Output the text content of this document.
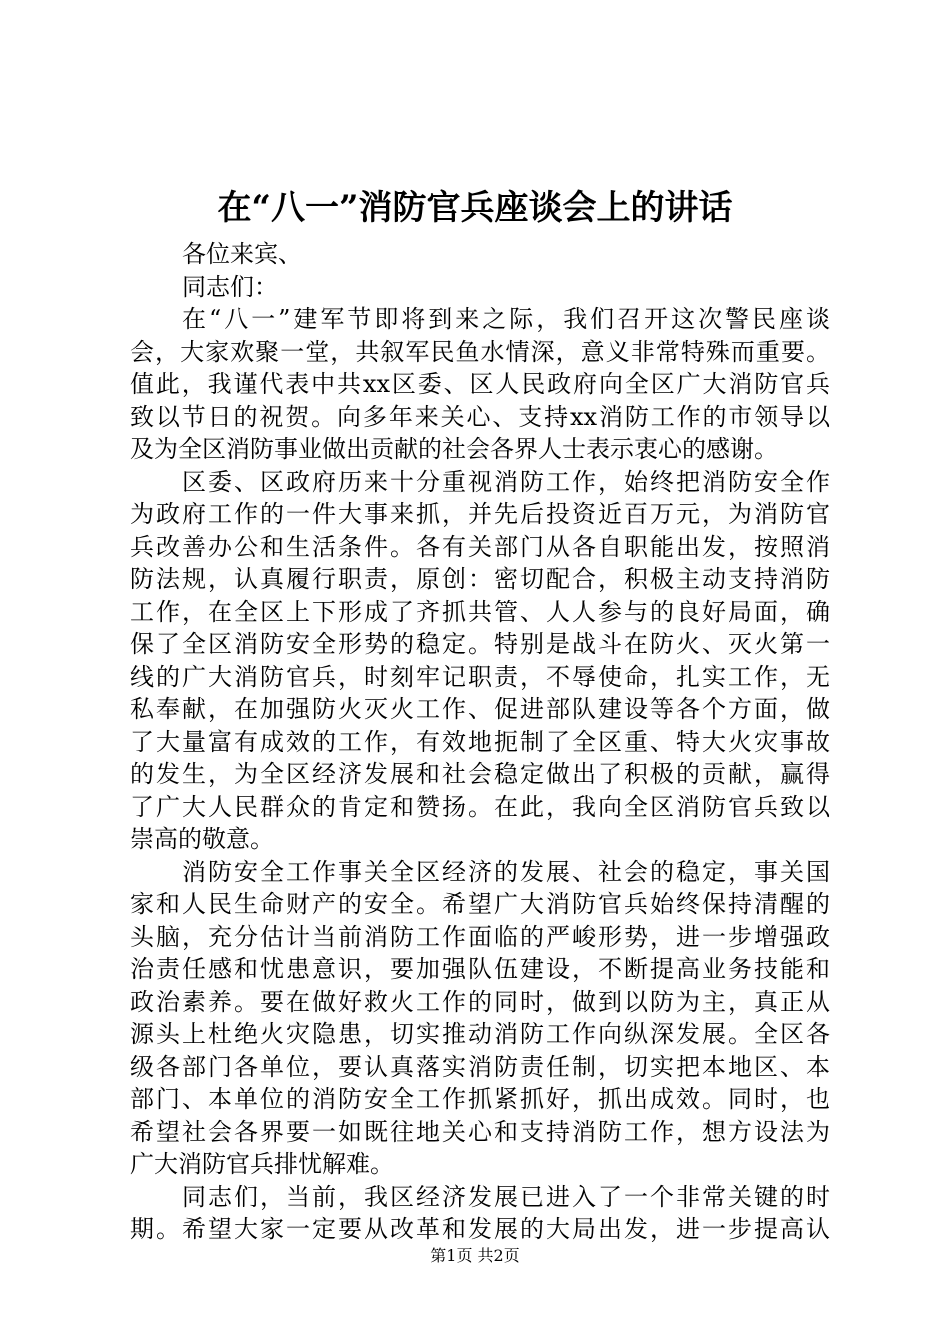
在“八一”消防官兵座谈会上的讲话
各位来宾、
同志们：
在“八一”建军节即将到来之际，我们召开这次警民座谈
会，大家欢聚一堂，共叙军民鱼水情深，意义非常特殊而重要。
值此，我谨代表中共xx区委、区人民政府向全区广大消防官兵
致以节日的祝贺。向多年来关心、支持xx消防工作的市领导以
及为全区消防事业做出贡献的社会各界人士表示衷心的感谢。
区委、区政府历来十分重视消防工作，始终把消防安全作
为政府工作的一件大事来抓，并先后投资近百万元，为消防官
兵改善办公和生活条件。各有关部门从各自职能出发，按照消
防法规，认真履行职责，原创：密切配合，积极主动支持消防
工作，在全区上下形成了齐抓共管、人人参与的良好局面，确
保了全区消防安全形势的稳定。特别是战斗在防火、灭火第一
线的广大消防官兵，时刻牢记职责，不辱使命，扎实工作，无
私奉献，在加强防火灭火工作、促进部队建设等各个方面，做
了大量富有成效的工作，有效地扼制了全区重、特大火灾事故
的发生，为全区经济发展和社会稳定做出了积极的贡献，赢得
了广大人民群众的肯定和赞扬。在此，我向全区消防官兵致以
崇高的敬意。
消防安全工作事关全区经济的发展、社会的稳定，事关国
家和人民生命财产的安全。希望广大消防官兵始终保持清醒的
头脑，充分估计当前消防工作面临的严峻形势，进一步增强政
治责任感和忧患意识，要加强队伍建设，不断提高业务技能和
政治素养。要在做好救火工作的同时，做到以防为主，真正从
源头上杜绝火灾隐患，切实推动消防工作向纵深发展。全区各
级各部门各单位，要认真落实消防责任制，切实把本地区、本
部门、本单位的消防安全工作抓紧抓好，抓出成效。同时，也
希望社会各界要一如既往地关心和支持消防工作，想方设法为
广大消防官兵排忧解难。
同志们，当前，我区经济发展已进入了一个非常关键的时
期。希望大家一定要从改革和发展的大局出发，进一步提高认
第1页 共2页
